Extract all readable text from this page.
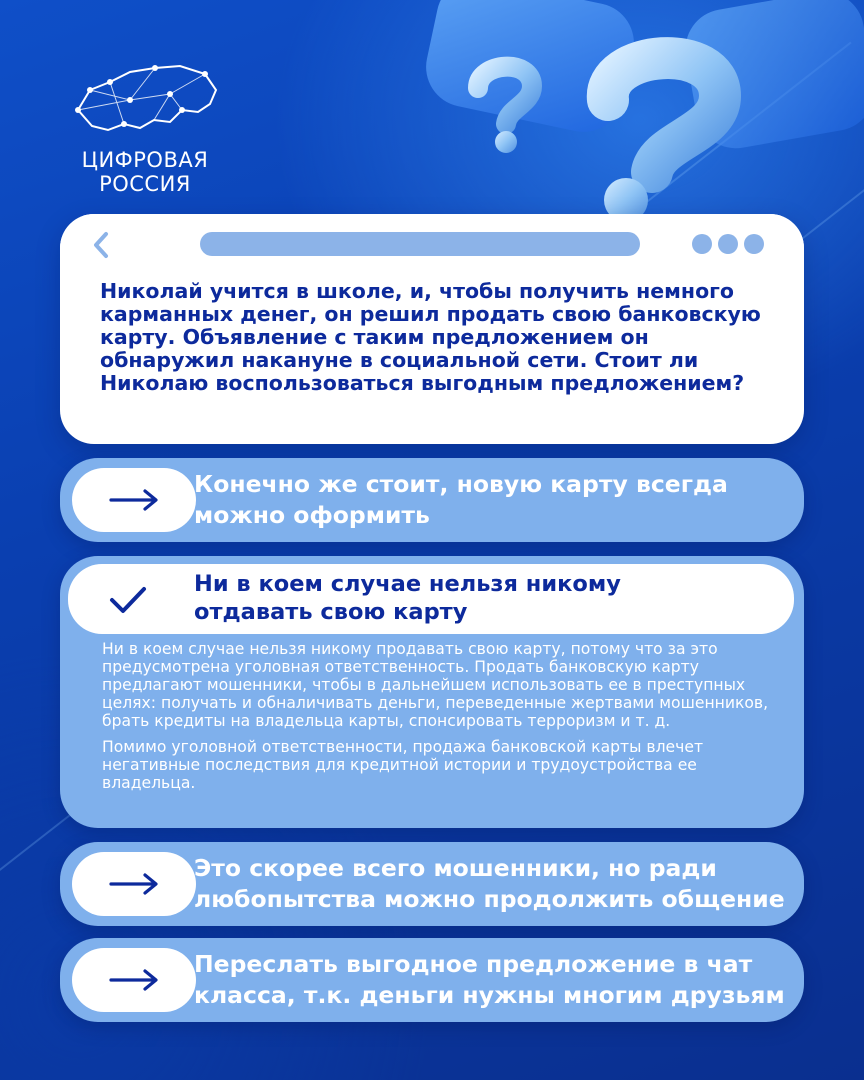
ЦИФРОВАЯ
РОССИЯ
Николай учится в школе, и, чтобы получить немного карманных денег, он решил продать свою банковскую карту. Объявление с таким предложением он обнаружил накануне в социальной сети. Стоит ли Николаю воспользоваться выгодным предложением?
Конечно же стоит, новую карту всегда
можно оформить
Ни в коем случае нельзя никому
отдавать свою карту

Ни в коем случае нельзя никому продавать свою карту, потому что за это предусмотрена уголовная ответственность. Продать банковскую карту предлагают мошенники, чтобы в дальнейшем использовать ее в преступных целях: получать и обналичивать деньги, переведенные жертвами мошенников, брать кредиты на владельца карты, спонсировать терроризм и т. д.

Помимо уголовной ответственности, продажа банковской карты влечет негативные последствия для кредитной истории и трудоустройства ее владельца.

Это скорее всего мошенники, но ради
любопытства можно продолжить общение
Переслать выгодное предложение в чат
класса, т.к. деньги нужны многим друзьям
